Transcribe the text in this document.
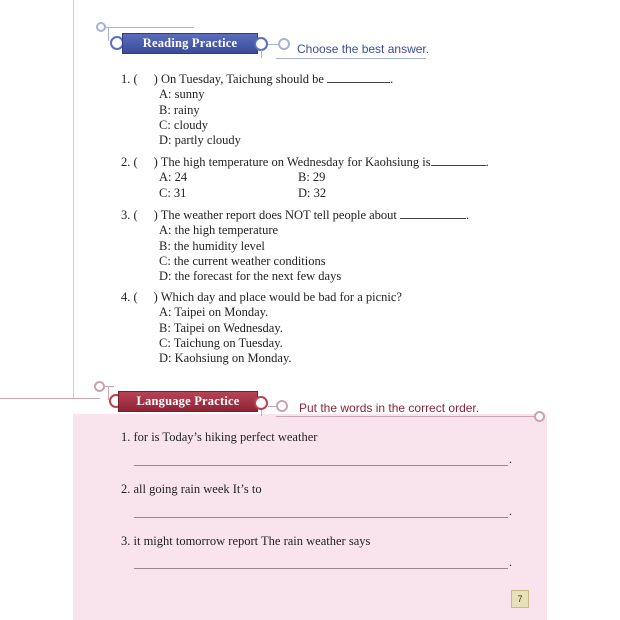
Reading Practice	Choose the best answer.
1. ( ) On Tuesday, Taichung should be	.
A: sunny
B: rainy
C: cloudy
D: partly cloudy
2. ( ) The high temperature on Wednesday for Kaohsiung is	.
A: 24	B: 29
C: 31	D: 32
3. ( ) The weather report does NOT tell people about	.
A: the high temperature
B: the humidity level
C: the current weather conditions
D: the forecast for the next few days
4. ( ) Which day and place would be bad for a picnic?
A: Taipei on Monday.
B: Taipei on Wednesday.
C: Taichung on Tuesday.
D: Kaohsiung on Monday.
Language Practice	Put the words in the correct order.
1. for is Today’s hiking perfect weather
.
2. all going rain week It’s to
.
3. it might tomorrow report The rain weather says
.
7
